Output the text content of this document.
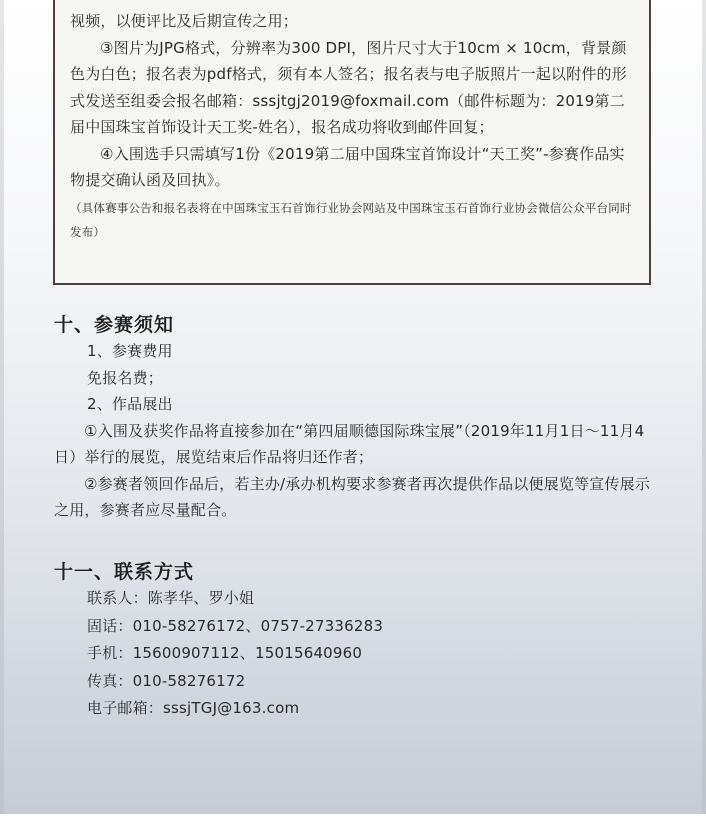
视频，以便评比及后期宣传之用；

③图片为JPG格式，分辨率为300 DPI，图片尺寸大于10cm × 10cm，背景颜色为白色；报名表为pdf格式，须有本人签名；报名表与电子版照片一起以附件的形式发送至组委会报名邮箱：sssjtgj2019@foxmail.com（邮件标题为：2019第二届中国珠宝首饰设计天工奖-姓名），报名成功将收到邮件回复；

④入围选手只需填写1份《2019第二届中国珠宝首饰设计“天工奖”-参赛作品实物提交确认函及回执》。

（具体赛事公告和报名表将在中国珠宝玉石首饰行业协会网站及中国珠宝玉石首饰行业协会微信公众平台同时发布）

十、参赛须知

1、参赛费用

免报名费；

2、作品展出

①入围及获奖作品将直接参加在“第四届顺德国际珠宝展”（2019年11月1日～11月4日）举行的展览，展览结束后作品将归还作者；

②参赛者领回作品后，若主办/承办机构要求参赛者再次提供作品以便展览等宣传展示之用，参赛者应尽量配合。

十一、联系方式

联系人：陈孝华、罗小姐

固话：010-58276172、0757-27336283

手机：15600907112、15015640960

传真：010-58276172

电子邮箱：sssjTGJ@163.com
